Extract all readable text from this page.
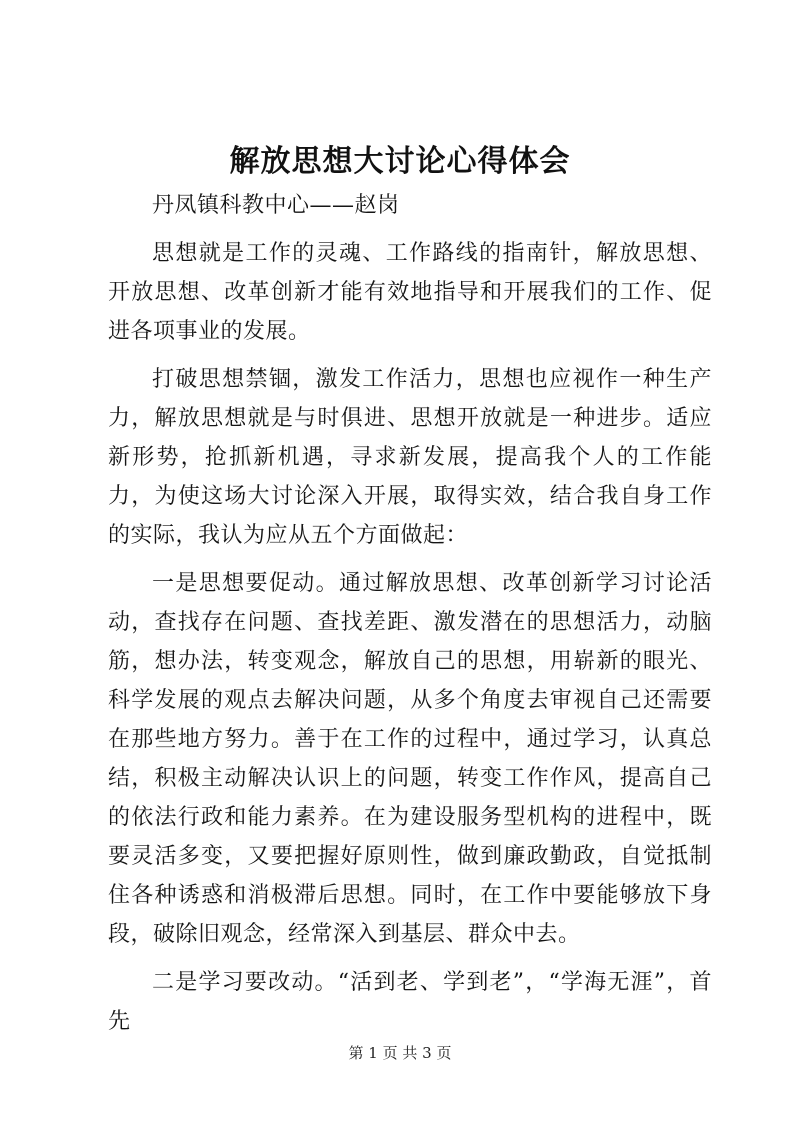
解放思想大讨论心得体会

丹凤镇科教中心——赵岗

思想就是工作的灵魂、工作路线的指南针，解放思想、开放思想、改革创新才能有效地指导和开展我们的工作、促进各项事业的发展。

打破思想禁锢，激发工作活力，思想也应视作一种生产力，解放思想就是与时俱进、思想开放就是一种进步。适应新形势，抢抓新机遇，寻求新发展，提高我个人的工作能力，为使这场大讨论深入开展，取得实效，结合我自身工作的实际，我认为应从五个方面做起：

一是思想要促动。通过解放思想、改革创新学习讨论活动，查找存在问题、查找差距、激发潜在的思想活力，动脑筋，想办法，转变观念，解放自己的思想，用崭新的眼光、科学发展的观点去解决问题，从多个角度去审视自己还需要在那些地方努力。善于在工作的过程中，通过学习，认真总结，积极主动解决认识上的问题，转变工作作风，提高自己的依法行政和能力素养。在为建设服务型机构的进程中，既要灵活多变，又要把握好原则性，做到廉政勤政，自觉抵制住各种诱惑和消极滞后思想。同时，在工作中要能够放下身段，破除旧观念，经常深入到基层、群众中去。

二是学习要改动。“活到老、学到老”，“学海无涯”，首先

第 1 页 共 3 页
